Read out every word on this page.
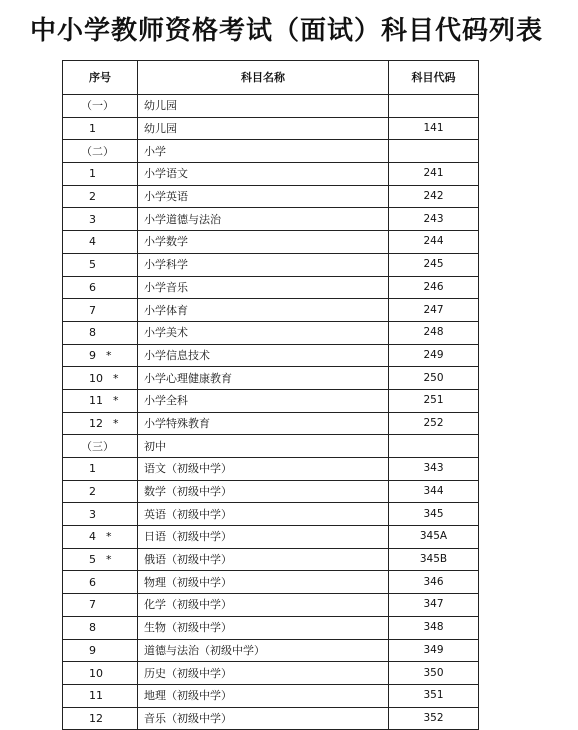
中小学教师资格考试（面试）科目代码列表
序号	科目名称	科目代码
（一）	幼儿园	
1	幼儿园	141
（二）	小学	
1	小学语文	241
2	小学英语	242
3	小学道德与法治	243
4	小学数学	244
5	小学科学	245
6	小学音乐	246
7	小学体育	247
8	小学美术	248
9 *	小学信息技术	249
10 *	小学心理健康教育	250
11 *	小学全科	251
12 *	小学特殊教育	252
（三）	初中	
1	语文（初级中学）	343
2	数学（初级中学）	344
3	英语（初级中学）	345
4 *	日语（初级中学）	345A
5 *	俄语（初级中学）	345B
6	物理（初级中学）	346
7	化学（初级中学）	347
8	生物（初级中学）	348
9	道德与法治（初级中学）	349
10	历史（初级中学）	350
11	地理（初级中学）	351
12	音乐（初级中学）	352
